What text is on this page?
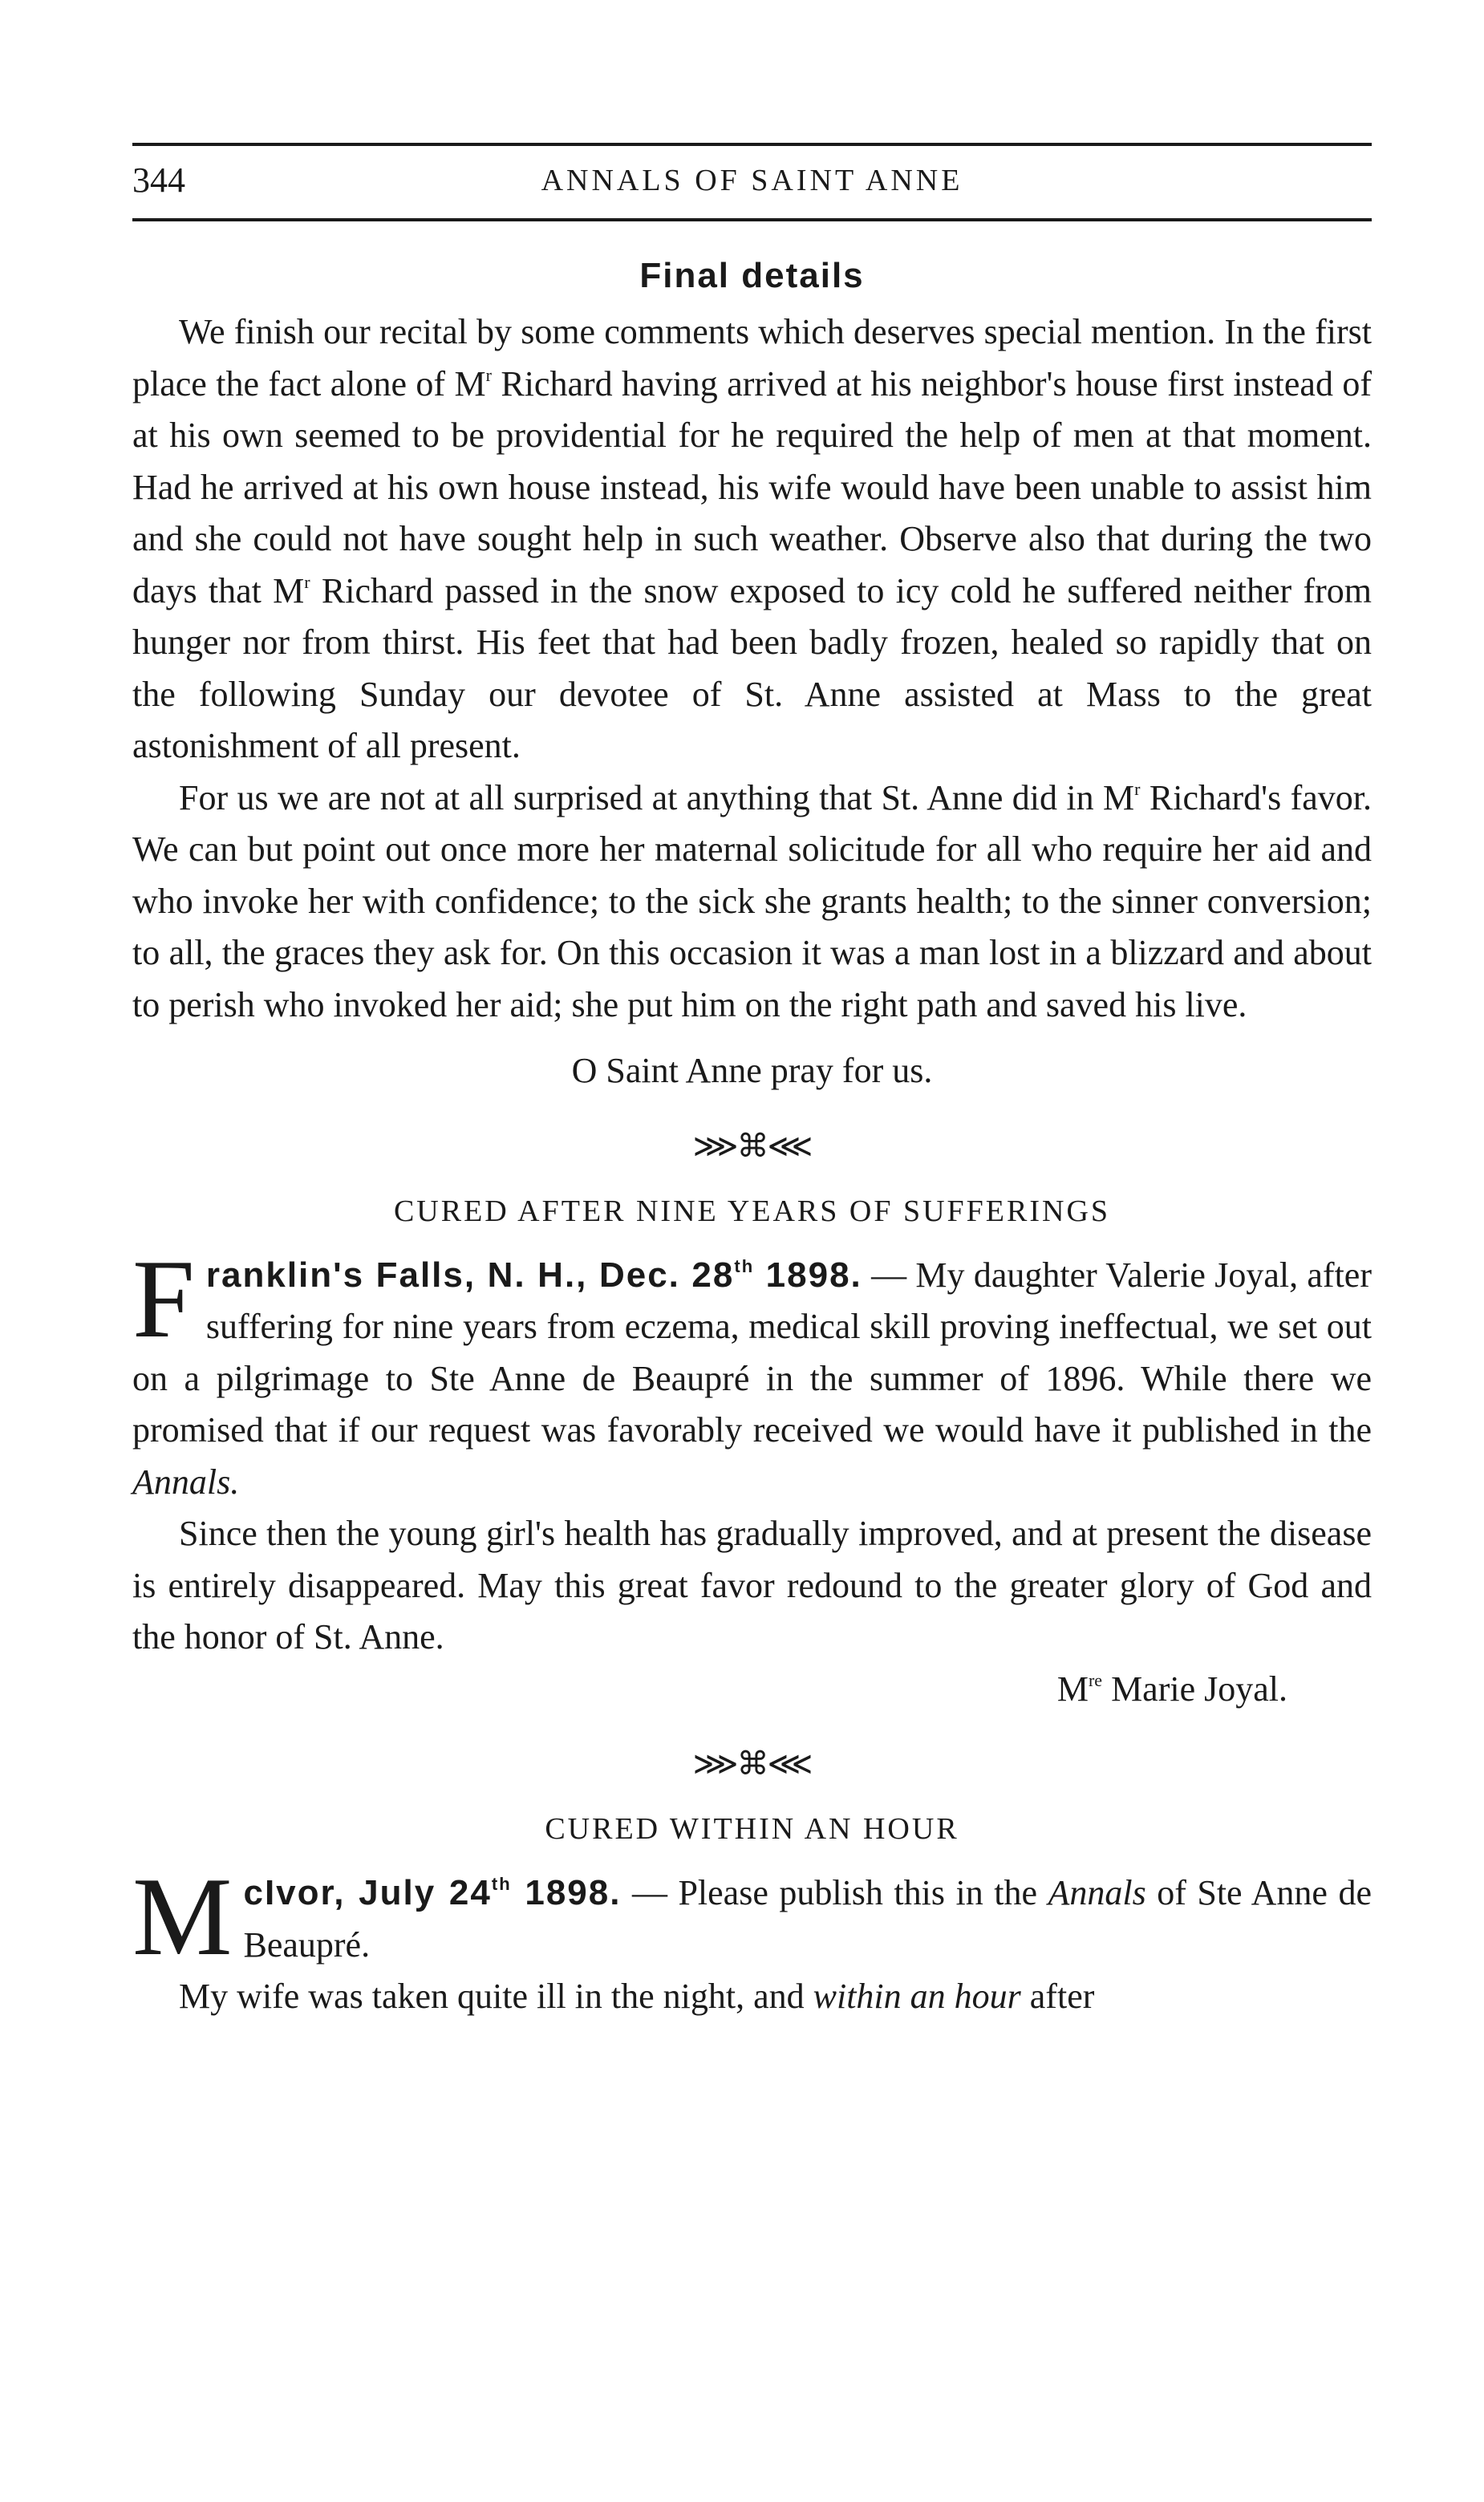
344	ANNALS OF SAINT ANNE
Final details

We finish our recital by some comments which deserves special mention. In the first place the fact alone of $M^r$ Richard having arrived at his neighbor's house first instead of at his own seemed to be providential for he required the help of men at that moment. Had he arrived at his own house instead, his wife would have been unable to assist him and she could not have sought help in such weather. Observe also that during the two days that $M^r$ Richard passed in the snow exposed to icy cold he suffered neither from hunger nor from thirst. His feet that had been badly frozen, healed so rapidly that on the following Sunday our devotee of St. Anne assisted at Mass to the great astonishment of all present.

For us we are not at all surprised at anything that St. Anne did in $M^r$ Richard's favor. We can but point out once more her maternal solicitude for all who require her aid and who invoke her with confidence; to the sick she grants health; to the sinner conversion; to all, the graces they ask for. On this occasion it was a man lost in a blizzard and about to perish who invoked her aid; she put him on the right path and saved his live.

O Saint Anne pray for us.

⋙⌘⋘
CURED AFTER NINE YEARS OF SUFFERINGS

Franklin's Falls, N. H., Dec. 28th 1898. — My daughter Valerie Joyal, after suffering for nine years from eczema, medical skill proving ineffectual, we set out on a pilgrimage to Ste Anne de Beaupré in the summer of 1896. While there we promised that if our request was favorably received we would have it published in the Annals.

Since then the young girl's health has gradually improved, and at present the disease is entirely disappeared. May this great favor redound to the greater glory of God and the honor of St. Anne.

Mre Marie Joyal.

⋙⌘⋘
CURED WITHIN AN HOUR

McIvor, July 24th 1898. — Please publish this in the Annals of Ste Anne de Beaupré.

My wife was taken quite ill in the night, and within an hour after
